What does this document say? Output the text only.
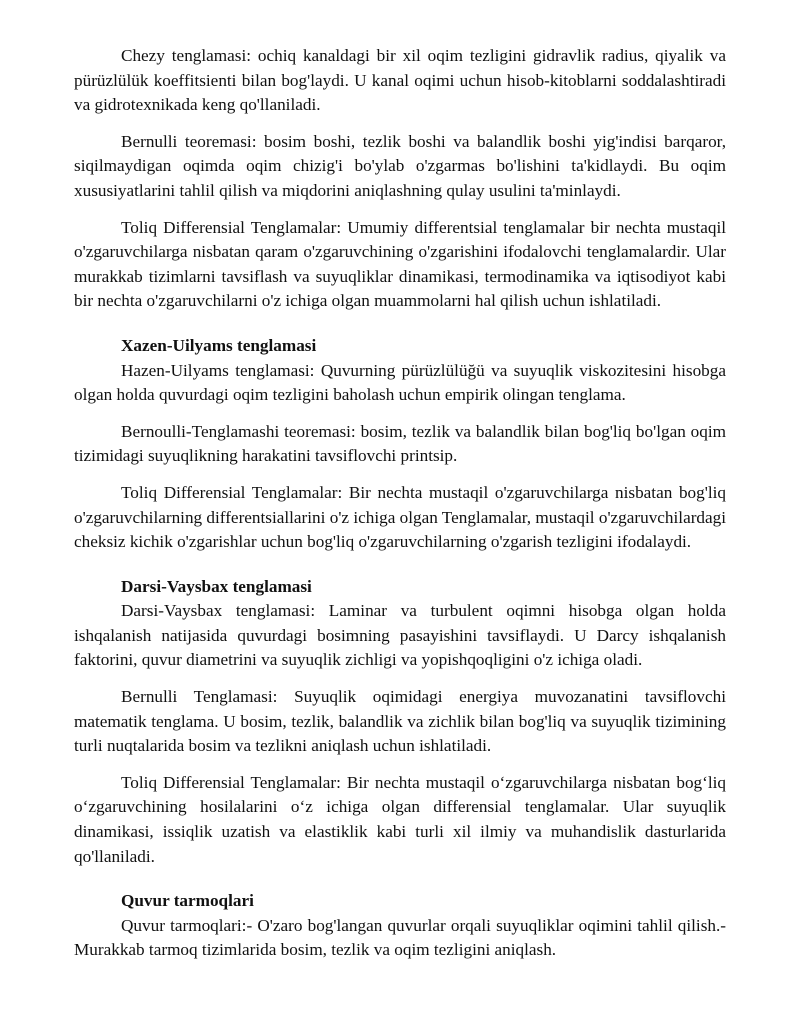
Chezy tenglamasi: ochiq kanaldagi bir xil oqim tezligini gidravlik radius, qiyalik va pürüzlülük koeffitsienti bilan bog'laydi. U kanal oqimi uchun hisob-kitoblarni soddalashtiradi va gidrotexnikada keng qo'llaniladi.

Bernulli teoremasi: bosim boshi, tezlik boshi va balandlik boshi yig'indisi barqaror, siqilmaydigan oqimda oqim chizig'i bo'ylab o'zgarmas bo'lishini ta'kidlaydi. Bu oqim xususiyatlarini tahlil qilish va miqdorini aniqlashning qulay usulini ta'minlaydi.

Toliq Differensial Tenglamalar: Umumiy differentsial tenglamalar bir nechta mustaqil o'zgaruvchilarga nisbatan qaram o'zgaruvchining o'zgarishini ifodalovchi tenglamalardir. Ular murakkab tizimlarni tavsiflash va suyuqliklar dinamikasi, termodinamika va iqtisodiyot kabi bir nechta o'zgaruvchilarni o'z ichiga olgan muammolarni hal qilish uchun ishlatiladi.

Xazen-Uilyams tenglamasi

Hazen-Uilyams tenglamasi: Quvurning pürüzlülüğü va suyuqlik viskozitesini hisobga olgan holda quvurdagi oqim tezligini baholash uchun empirik olingan tenglama.

Bernoulli-Tenglamashi teoremasi: bosim, tezlik va balandlik bilan bog'liq bo'lgan oqim tizimidagi suyuqlikning harakatini tavsiflovchi printsip.

Toliq Differensial Tenglamalar: Bir nechta mustaqil o'zgaruvchilarga nisbatan bog'liq o'zgaruvchilarning differentsiallarini o'z ichiga olgan Tenglamalar, mustaqil o'zgaruvchilardagi cheksiz kichik o'zgarishlar uchun bog'liq o'zgaruvchilarning o'zgarish tezligini ifodalaydi.

Darsi-Vaysbax tenglamasi

Darsi-Vaysbax tenglamasi: Laminar va turbulent oqimni hisobga olgan holda ishqalanish natijasida quvurdagi bosimning pasayishini tavsiflaydi. U Darcy ishqalanish faktorini, quvur diametrini va suyuqlik zichligi va yopishqoqligini o'z ichiga oladi.

Bernulli Tenglamasi: Suyuqlik oqimidagi energiya muvozanatini tavsiflovchi matematik tenglama. U bosim, tezlik, balandlik va zichlik bilan bog'liq va suyuqlik tizimining turli nuqtalarida bosim va tezlikni aniqlash uchun ishlatiladi.

Toliq Differensial Tenglamalar: Bir nechta mustaqil o‘zgaruvchilarga nisbatan bog‘liq o‘zgaruvchining hosilalarini o‘z ichiga olgan differensial tenglamalar. Ular suyuqlik dinamikasi, issiqlik uzatish va elastiklik kabi turli xil ilmiy va muhandislik dasturlarida qo'llaniladi.

Quvur tarmoqlari

Quvur tarmoqlari:- O'zaro bog'langan quvurlar orqali suyuqliklar oqimini tahlil qilish.- Murakkab tarmoq tizimlarida bosim, tezlik va oqim tezligini aniqlash.
